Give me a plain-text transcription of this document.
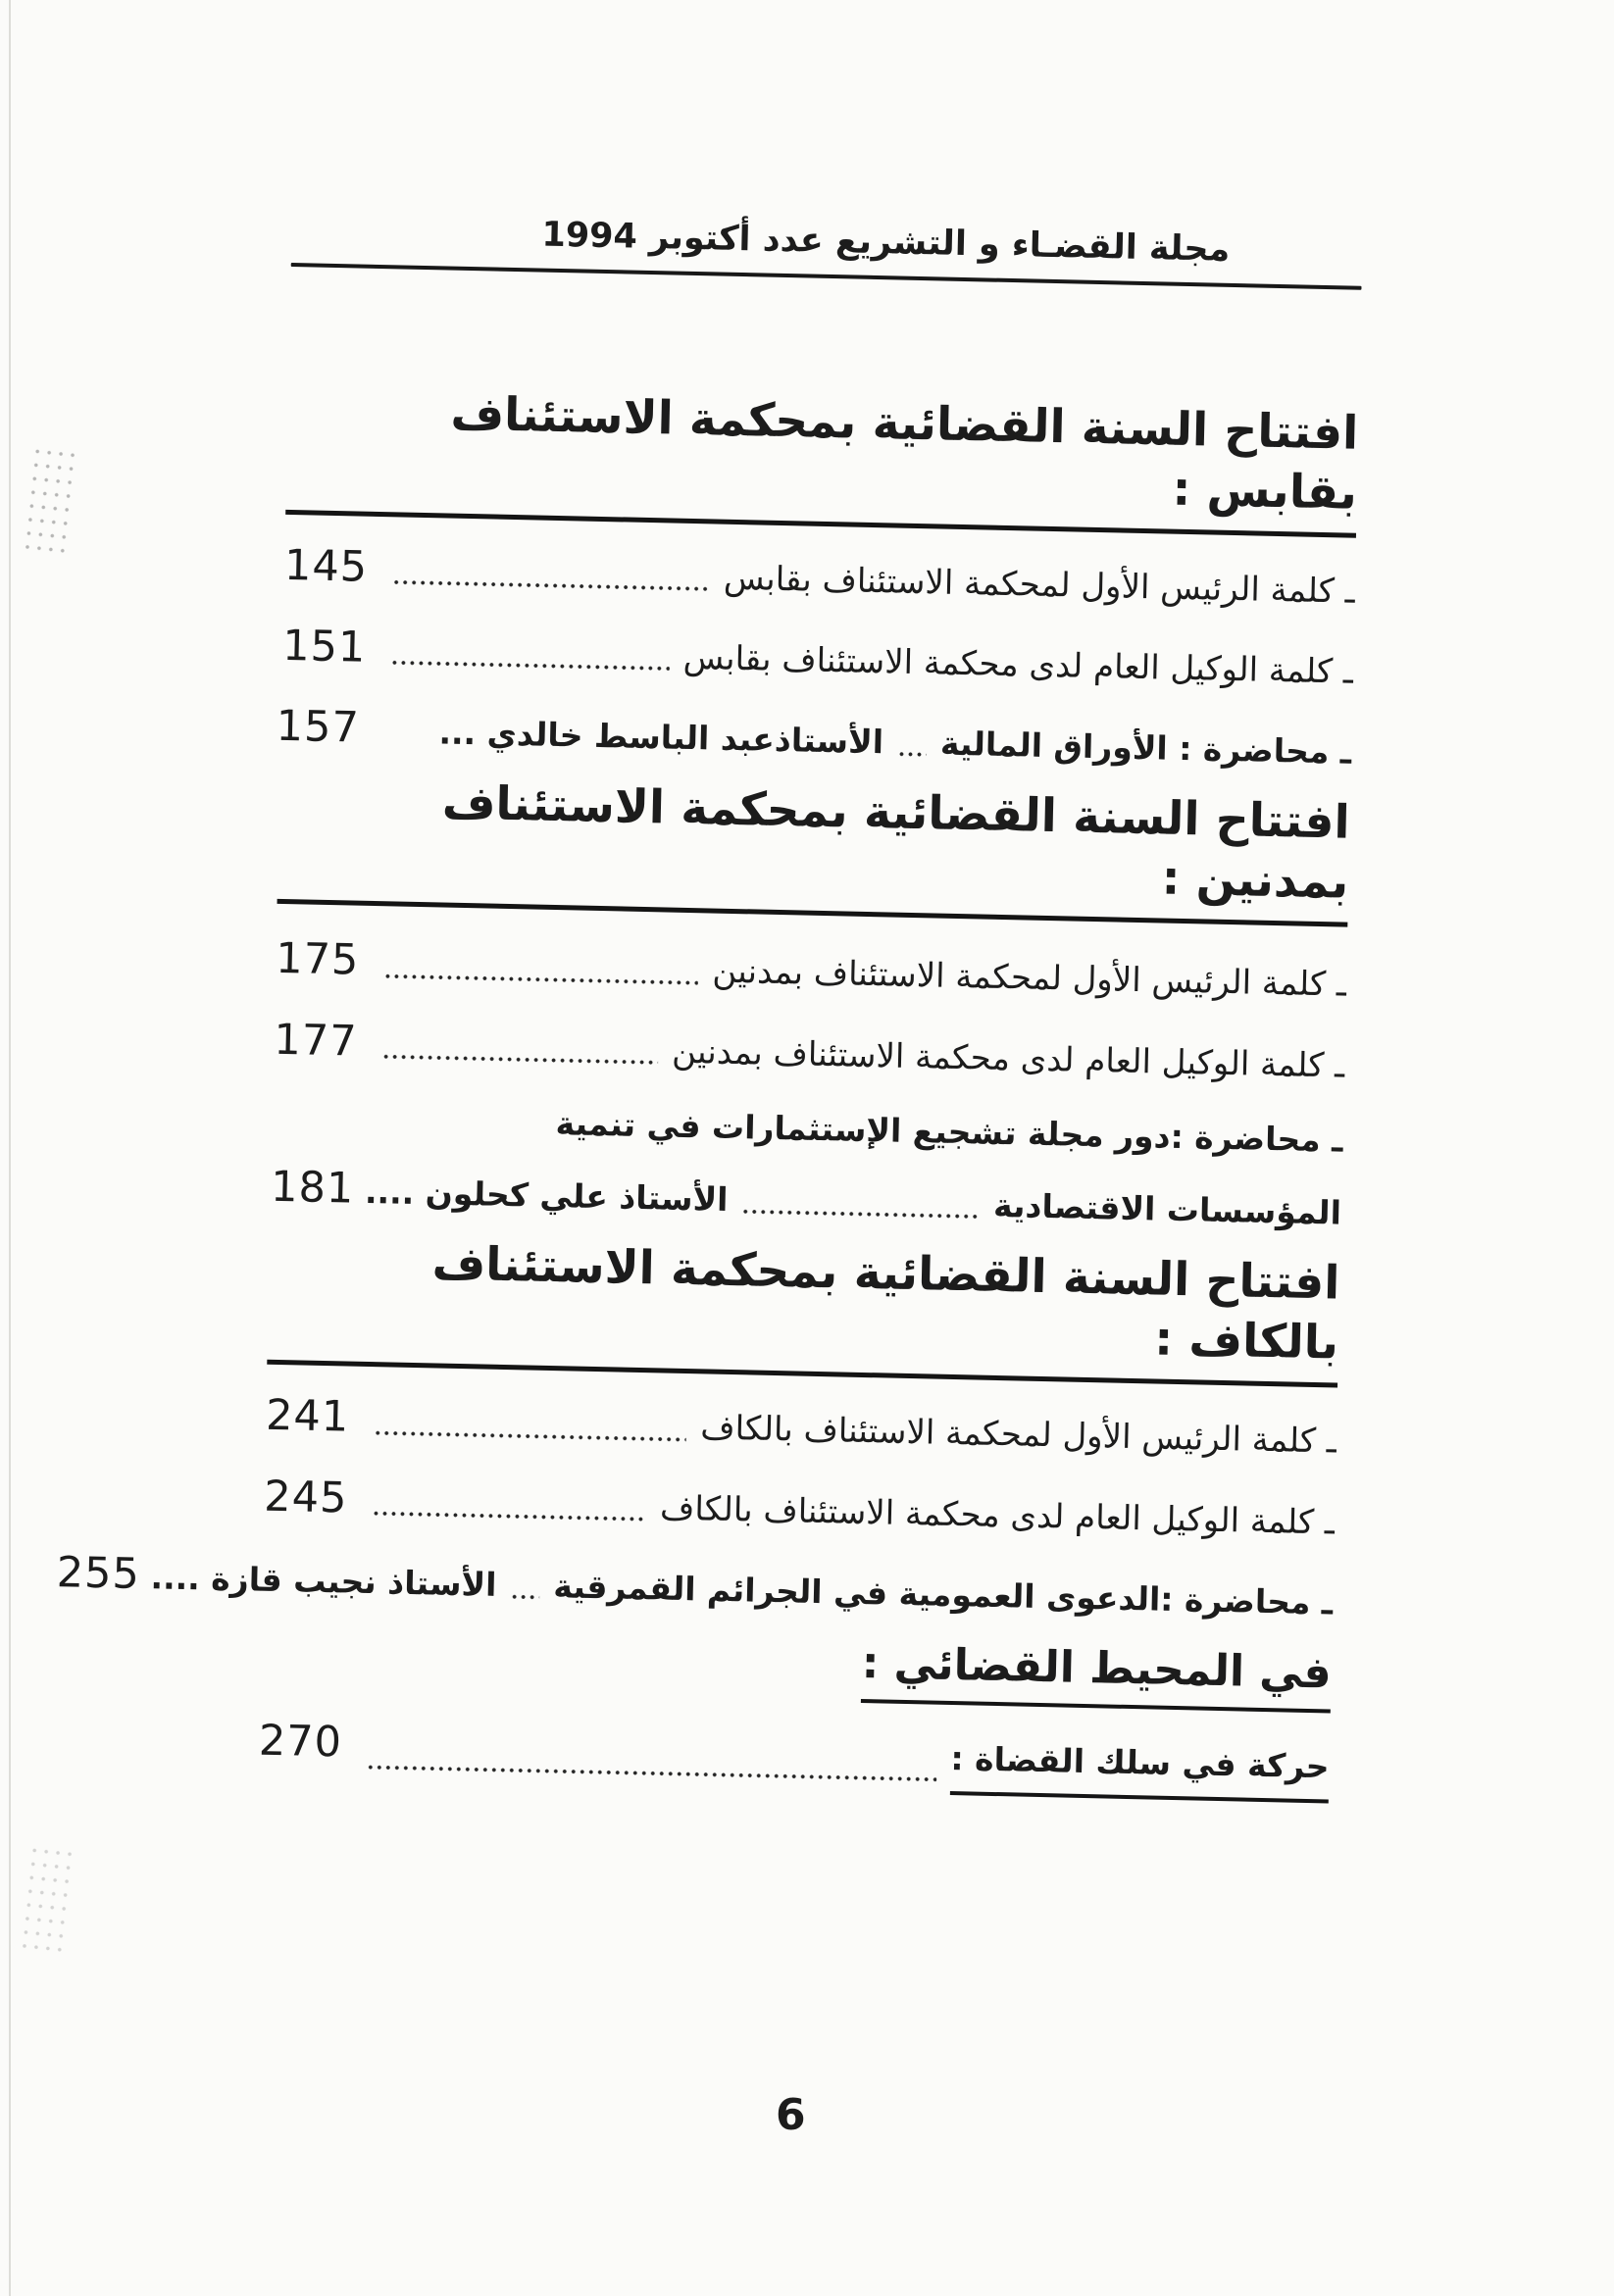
مجلة القضـاء و التشريع عدد أكتوبر 1994
افتتاح السنة القضائية بمحكمة الاستئناف بقابس :
ـ كلمة الرئيس الأول لمحكمة الاستئناف بقابس
145
ـ كلمة الوكيل العام لدى محكمة الاستئناف بقابس
151
ـ محاضرة : الأوراق المالية
الأستاذعبد الباسط خالدي ...
157
افتتاح السنة القضائية بمحكمة الاستئناف بمدنين :
ـ كلمة الرئيس الأول لمحكمة الاستئناف بمدنين
175
ـ كلمة الوكيل العام لدى محكمة الاستئناف بمدنين
177
ـ محاضرة :دور مجلة تشجيع الإستثمارات في تنمية
المؤسسات الاقتصادية
الأستاذ علي كحلون ....
181
افتتاح السنة القضائية بمحكمة الاستئناف بالكاف :
ـ كلمة الرئيس الأول لمحكمة الاستئناف بالكاف
241
ـ كلمة الوكيل العام لدى محكمة الاستئناف بالكاف
245
ـ محاضرة :الدعوى العمومية في الجرائم القمرقية
الأستاذ نجيب قازة ....
255
في المحيط القضائي :
حركة في سلك القضاة :
270
6
